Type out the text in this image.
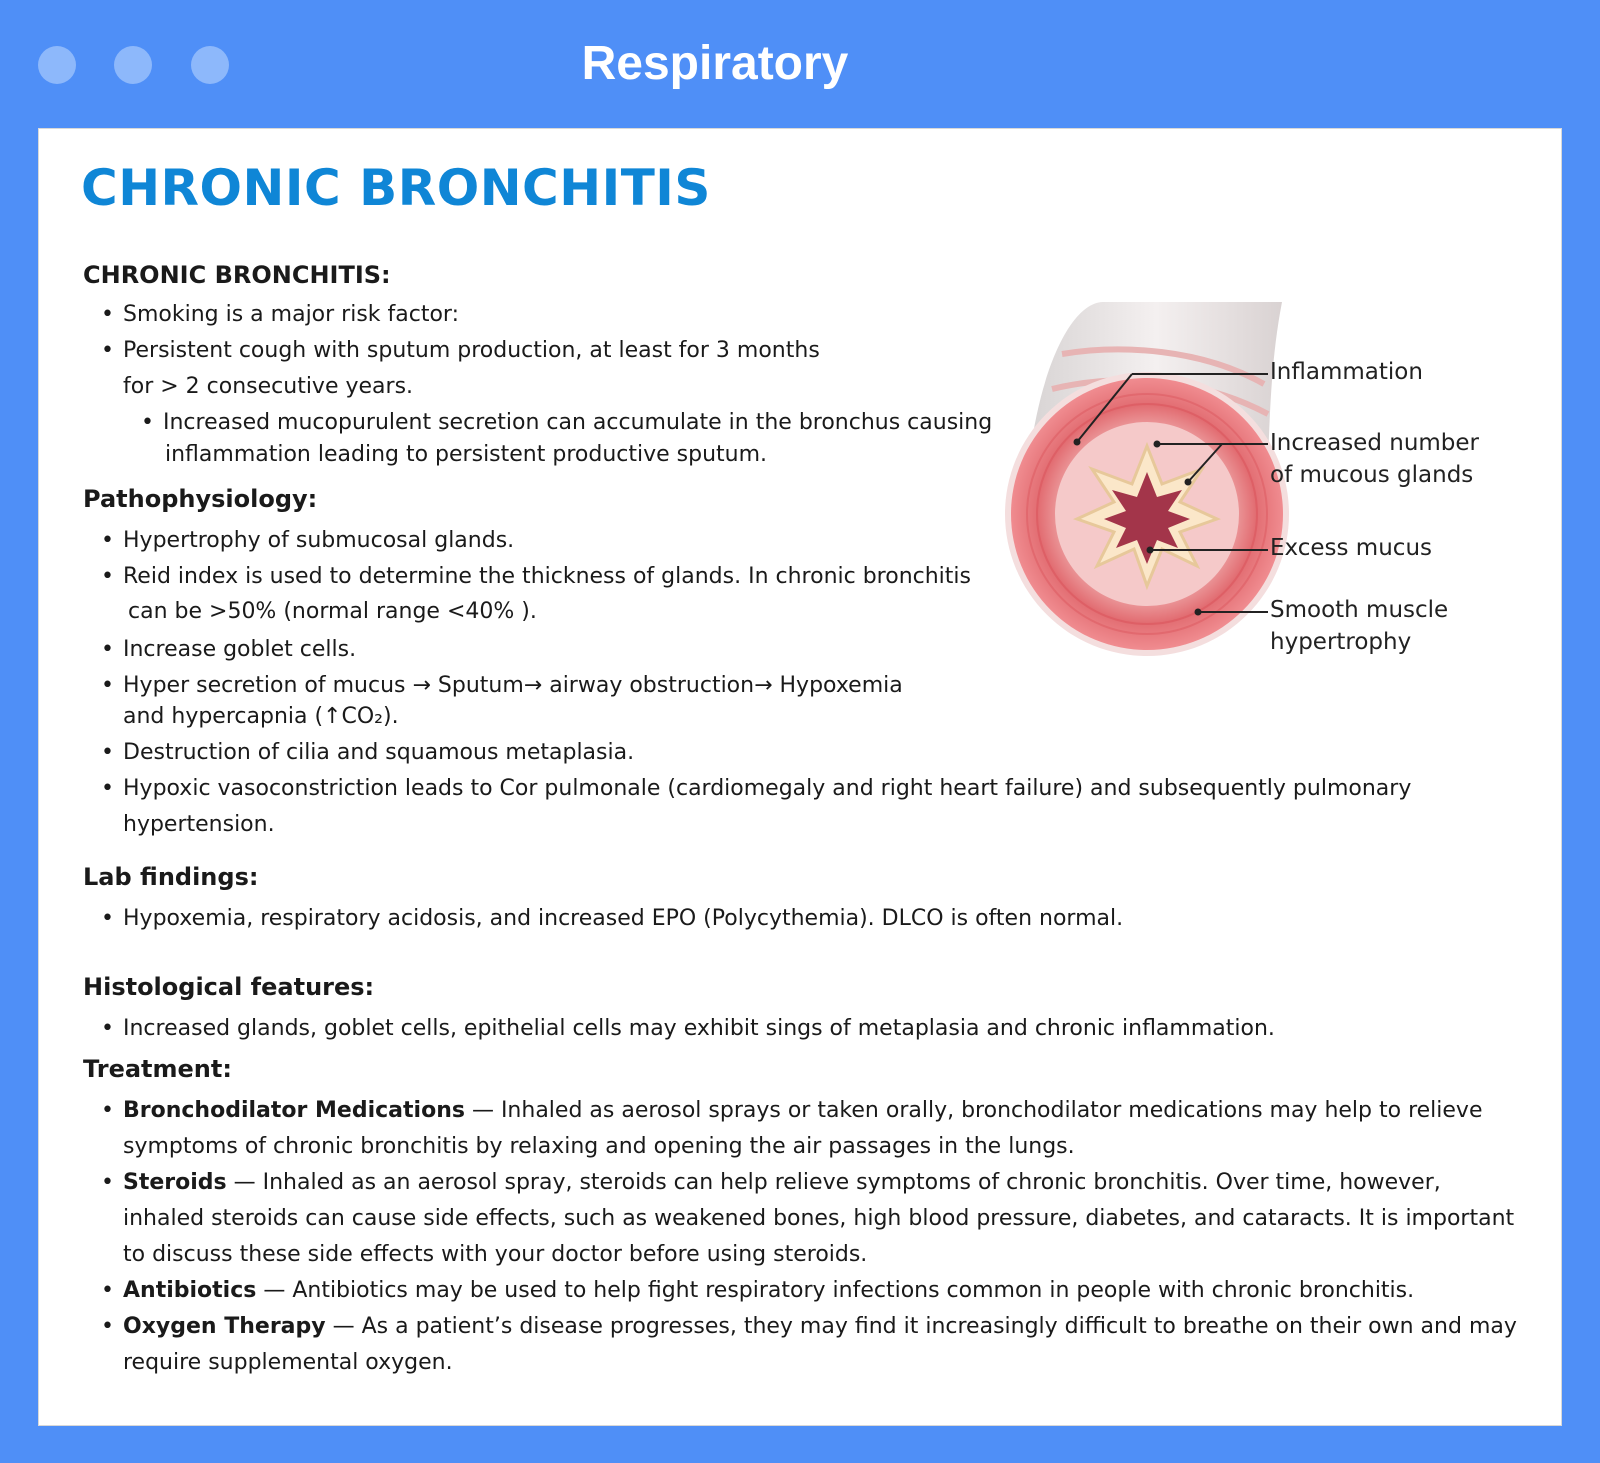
Respiratory
CHRONIC BRONCHITIS

CHRONIC BRONCHITIS:

• Smoking is a major risk factor:
• Persistent cough with sputum production, at least for 3 months
for > 2 consecutive years.
• Increased mucopurulent secretion can accumulate in the bronchus causing
inflammation leading to persistent productive sputum.

Pathophysiology:

• Hypertrophy of submucosal glands.
• Reid index is used to determine the thickness of glands. In chronic bronchitis
can be >50% (normal range <40% ).
• Increase goblet cells.
• Hyper secretion of mucus → Sputum→ airway obstruction→ Hypoxemia
and hypercapnia (↑CO₂).
• Destruction of cilia and squamous metaplasia.
• Hypoxic vasoconstriction leads to Cor pulmonale (cardiomegaly and right heart failure) and subsequently pulmonary
hypertension.

Lab findings:

• Hypoxemia, respiratory acidosis, and increased EPO (Polycythemia). DLCO is often normal.

Histological features:

• Increased glands, goblet cells, epithelial cells may exhibit sings of metaplasia and chronic inflammation.

Treatment:

• Bronchodilator Medications — Inhaled as aerosol sprays or taken orally, bronchodilator medications may help to relieve symptoms of chronic bronchitis by relaxing and opening the air passages in the lungs.
• Steroids — Inhaled as an aerosol spray, steroids can help relieve symptoms of chronic bronchitis. Over time, however, inhaled steroids can cause side effects, such as weakened bones, high blood pressure, diabetes, and cataracts. It is important to discuss these side effects with your doctor before using steroids.
• Antibiotics — Antibiotics may be used to help fight respiratory infections common in people with chronic bronchitis.
• Oxygen Therapy — As a patient’s disease progresses, they may find it increasingly difficult to breathe on their own and may require supplemental oxygen.
Inflammation
Increased number
of mucous glands
Excess mucus
Smooth muscle
hypertrophy
